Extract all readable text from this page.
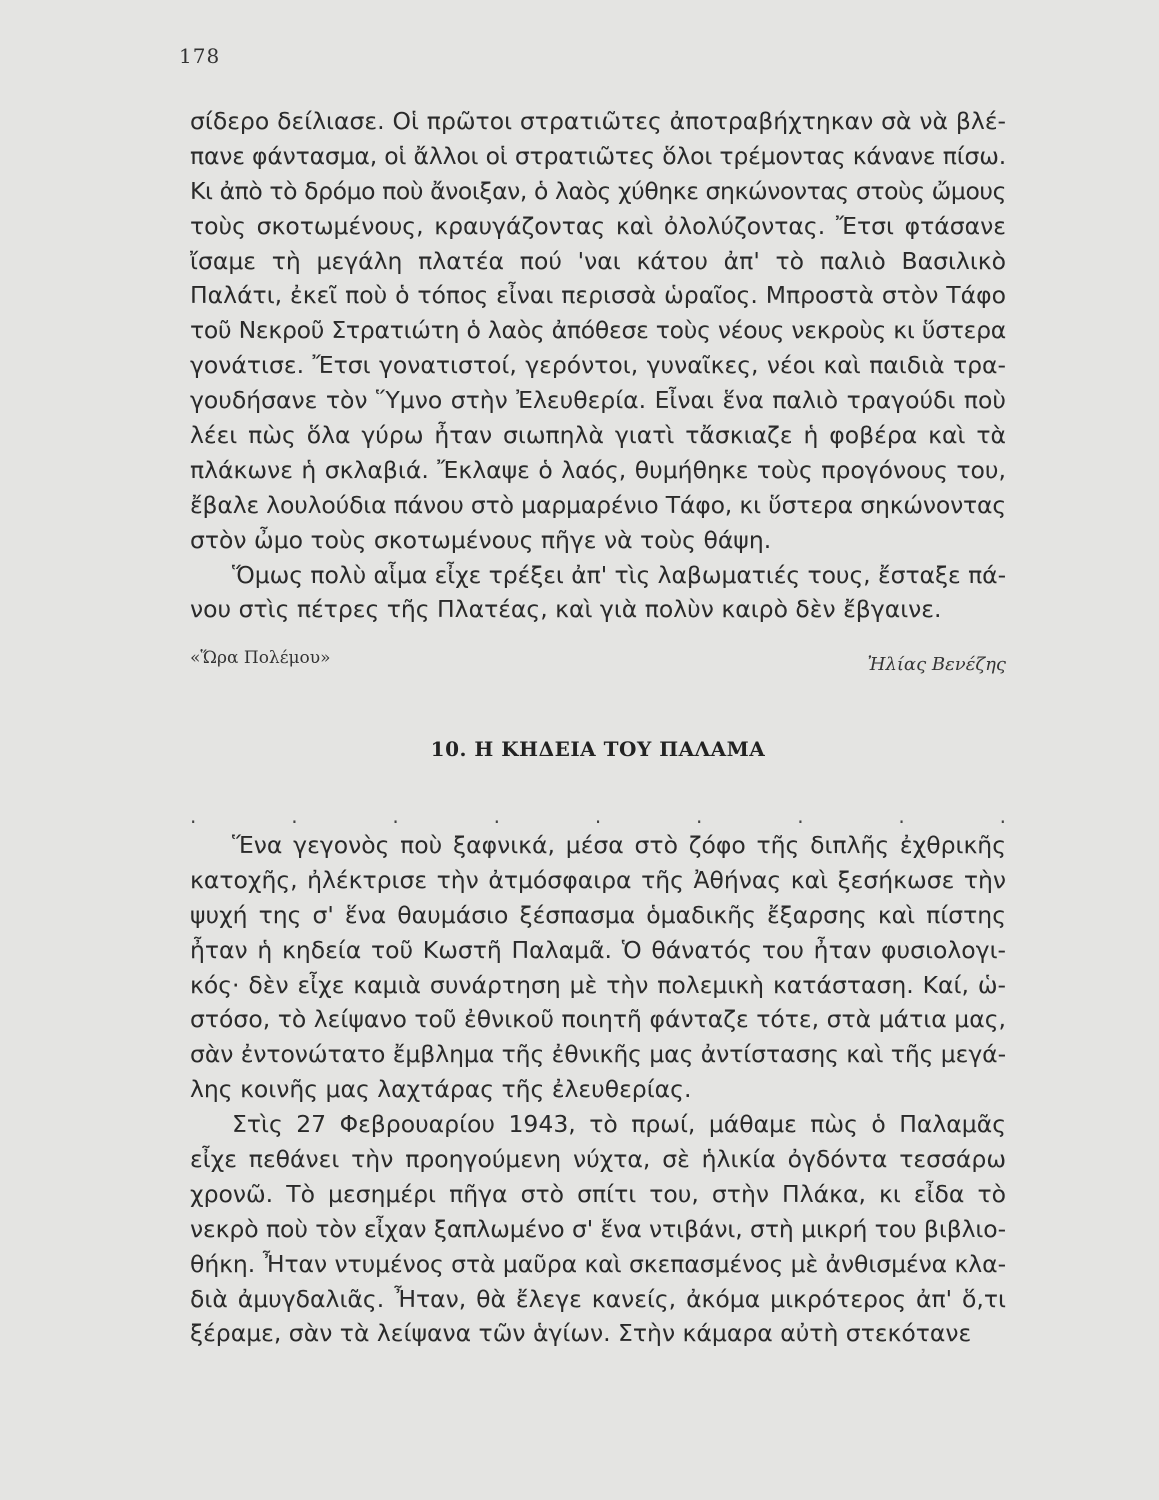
178
σίδερο δείλιασε. Οἱ πρῶτοι στρατιῶτες ἀποτραβήχτηκαν σὰ νὰ βλέ-
πανε φάντασμα, οἱ ἄλλοι οἱ στρατιῶτες ὅλοι τρέμοντας κάνανε πίσω.
Κι ἀπὸ τὸ δρόμο ποὺ ἄνοιξαν, ὁ λαὸς χύθηκε σηκώνοντας στοὺς ὤμους
τοὺς σκοτωμένους, κραυγάζοντας καὶ ὀλολύζοντας. Ἔτσι φτάσανε
ἴσαμε τὴ μεγάλη πλατέα πού 'ναι κάτου ἀπ' τὸ παλιὸ Βασιλικὸ
Παλάτι, ἐκεῖ ποὺ ὁ τόπος εἶναι περισσὰ ὡραῖος. Μπροστὰ στὸν Τάφο
τοῦ Νεκροῦ Στρατιώτη ὁ λαὸς ἀπόθεσε τοὺς νέους νεκροὺς κι ὕστερα
γονάτισε. Ἔτσι γονατιστοί, γερόντοι, γυναῖκες, νέοι καὶ παιδιὰ τρα-
γουδήσανε τὸν Ὕμνο στὴν Ἐλευθερία. Εἶναι ἕνα παλιὸ τραγούδι ποὺ
λέει πὼς ὅλα γύρω ἦταν σιωπηλὰ γιατὶ τἄσκιαζε ἡ φοβέρα καὶ τὰ
πλάκωνε ἡ σκλαβιά. Ἔκλαψε ὁ λαός, θυμήθηκε τοὺς προγόνους του,
ἔβαλε λουλούδια πάνου στὸ μαρμαρένιο Τάφο, κι ὕστερα σηκώνοντας
στὸν ὦμο τοὺς σκοτωμένους πῆγε νὰ τοὺς θάψη.
Ὅμως πολὺ αἷμα εἶχε τρέξει ἀπ' τὶς λαβωματιές τους, ἔσταξε πά-
νου στὶς πέτρες τῆς Πλατέας, καὶ γιὰ πολὺν καιρὸ δὲν ἔβγαινε.
«Ὥρα Πολέμου»	Ἠλίας Βενέζης
10. Η ΚΗΔΕΙΑ ΤΟΥ ΠΑΛΑΜΑ
.	.	.	.	.	.	.	.	.
Ἕνα γεγονὸς ποὺ ξαφνικά, μέσα στὸ ζόφο τῆς διπλῆς ἐχθρικῆς
κατοχῆς, ἠλέκτρισε τὴν ἀτμόσφαιρα τῆς Ἀθήνας καὶ ξεσήκωσε τὴν
ψυχή της σ' ἕνα θαυμάσιο ξέσπασμα ὁμαδικῆς ἔξαρσης καὶ πίστης
ἦταν ἡ κηδεία τοῦ Κωστῆ Παλαμᾶ. Ὁ θάνατός του ἦταν φυσιολογι-
κός· δὲν εἶχε καμιὰ συνάρτηση μὲ τὴν πολεμικὴ κατάσταση. Καί, ὡ-
στόσο, τὸ λείψανο τοῦ ἐθνικοῦ ποιητῆ φάνταζε τότε, στὰ μάτια μας,
σὰν ἐντονώτατο ἔμβλημα τῆς ἐθνικῆς μας ἀντίστασης καὶ τῆς μεγά-
λης κοινῆς μας λαχτάρας τῆς ἐλευθερίας.
Στὶς 27 Φεβρουαρίου 1943, τὸ πρωί, μάθαμε πὼς ὁ Παλαμᾶς
εἶχε πεθάνει τὴν προηγούμενη νύχτα, σὲ ἡλικία ὀγδόντα τεσσάρω
χρονῶ. Τὸ μεσημέρι πῆγα στὸ σπίτι του, στὴν Πλάκα, κι εἶδα τὸ
νεκρὸ ποὺ τὸν εἶχαν ξαπλωμένο σ' ἕνα ντιβάνι, στὴ μικρή του βιβλιο-
θήκη. Ἦταν ντυμένος στὰ μαῦρα καὶ σκεπασμένος μὲ ἀνθισμένα κλα-
διὰ ἀμυγδαλιᾶς. Ἦταν, θὰ ἔλεγε κανείς, ἀκόμα μικρότερος ἀπ' ὅ,τι
ξέραμε, σὰν τὰ λείψανα τῶν ἁγίων. Στὴν κάμαρα αὐτὴ στεκότανε
